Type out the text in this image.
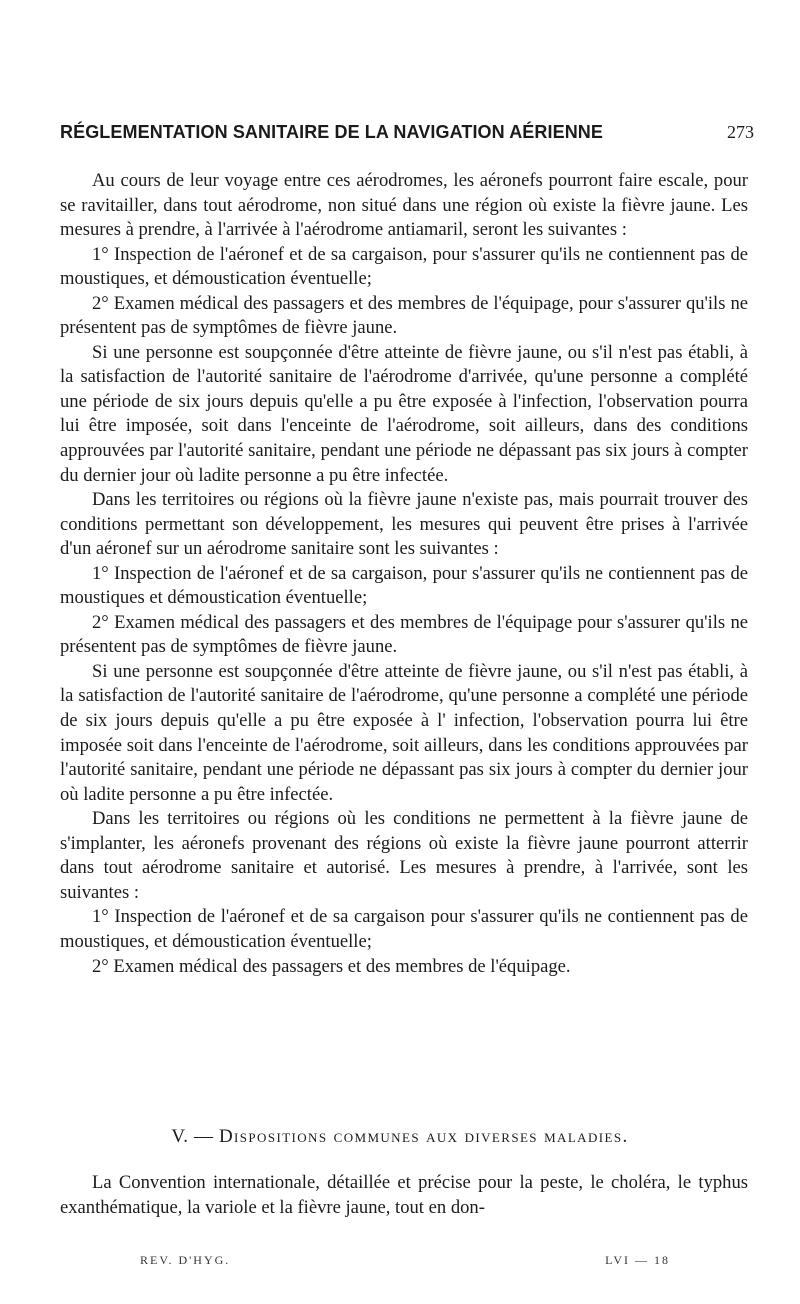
RÉGLEMENTATION SANITAIRE DE LA NAVIGATION AÉRIENNE	273

Au cours de leur voyage entre ces aérodromes, les aéronefs pourront faire escale, pour se ravitailler, dans tout aérodrome, non situé dans une région où existe la fièvre jaune. Les mesures à prendre, à l'arrivée à l'aérodrome antiamaril, seront les suivantes :

1° Inspection de l'aéronef et de sa cargaison, pour s'assurer qu'ils ne contiennent pas de moustiques, et démoustication éventuelle;

2° Examen médical des passagers et des membres de l'équipage, pour s'assurer qu'ils ne présentent pas de symptômes de fièvre jaune.

Si une personne est soupçonnée d'être atteinte de fièvre jaune, ou s'il n'est pas établi, à la satisfaction de l'autorité sanitaire de l'aérodrome d'arrivée, qu'une personne a complété une période de six jours depuis qu'elle a pu être exposée à l'infection, l'observation pourra lui être imposée, soit dans l'enceinte de l'aérodrome, soit ailleurs, dans des conditions approuvées par l'autorité sanitaire, pendant une période ne dépassant pas six jours à compter du dernier jour où ladite personne a pu être infectée.

Dans les territoires ou régions où la fièvre jaune n'existe pas, mais pourrait trouver des conditions permettant son développement, les mesures qui peuvent être prises à l'arrivée d'un aéronef sur un aérodrome sanitaire sont les suivantes :

1° Inspection de l'aéronef et de sa cargaison, pour s'assurer qu'ils ne contiennent pas de moustiques et démoustication éventuelle;

2° Examen médical des passagers et des membres de l'équipage pour s'assurer qu'ils ne présentent pas de symptômes de fièvre jaune.

Si une personne est soupçonnée d'être atteinte de fièvre jaune, ou s'il n'est pas établi, à la satisfaction de l'autorité sanitaire de l'aérodrome, qu'une personne a complété une période de six jours depuis qu'elle a pu être exposée à l' infection, l'observation pourra lui être imposée soit dans l'enceinte de l'aérodrome, soit ailleurs, dans les conditions approuvées par l'autorité sanitaire, pendant une période ne dépassant pas six jours à compter du dernier jour où ladite personne a pu être infectée.

Dans les territoires ou régions où les conditions ne permettent à la fièvre jaune de s'implanter, les aéronefs provenant des régions où existe la fièvre jaune pourront atterrir dans tout aérodrome sanitaire et autorisé. Les mesures à prendre, à l'arrivée, sont les suivantes :

1° Inspection de l'aéronef et de sa cargaison pour s'assurer qu'ils ne contiennent pas de moustiques, et démoustication éventuelle;

2° Examen médical des passagers et des membres de l'équipage.

V. — Dispositions communes aux diverses maladies.

La Convention internationale, détaillée et précise pour la peste, le choléra, le typhus exanthématique, la variole et la fièvre jaune, tout en don-

REV. D'HYG.	LVI — 18
